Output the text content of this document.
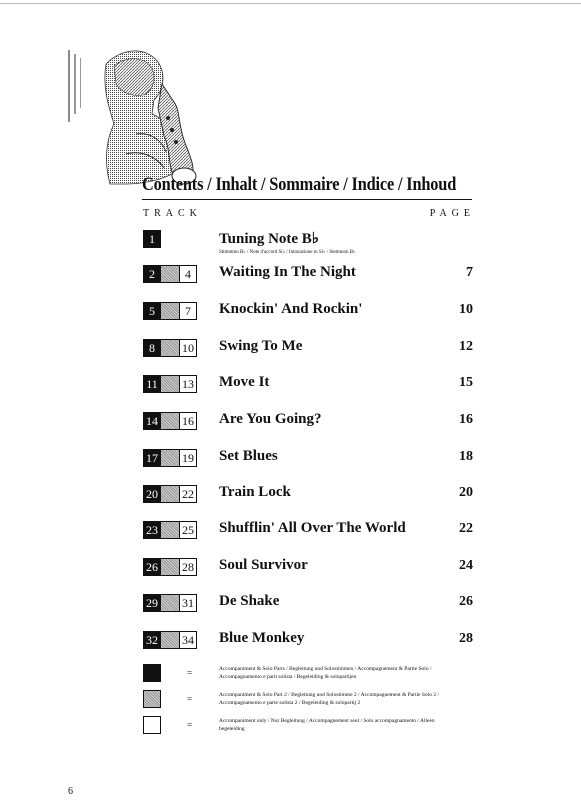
Contents / Inhalt / Sommaire / Indice / Inhoud
TRACK	PAGE
1	Tuning Note B♭
Stimmton B♭ / Note d'accord Si♭ / Intonazione in Si♭ / Stemtoon B♭
2	4	Waiting In The Night	7
5	7	Knockin' And Rockin'	10
8	10 Swing To Me	12
11 13 Move It	15
14 16 Are You Going?	16
17 19 Set Blues	18
20 22 Train Lock	20
23 25 Shufflin' All Over The World	22
26 28 Soul Survivor	24
29 31 De Shake	26
32 34 Blue Monkey	28
=	Accompaniment & Solo Parts / Begleitung und Solostimmen / Accompagnement & Partie Solo / Accompagnamento e parti solista / Begeleiding & solopartijen
=	Accompaniment & Solo Part 2 / Begleitung und Solostimme 2 / Accompagnement & Partie Solo 2 / Accompagnamento e parte solista 2 / Begeleiding & solopartij 2
=	Accompaniment only / Nur Begleitung / Accompagnement seul / Solo accompagnamento / Alleen begeleiding
6
